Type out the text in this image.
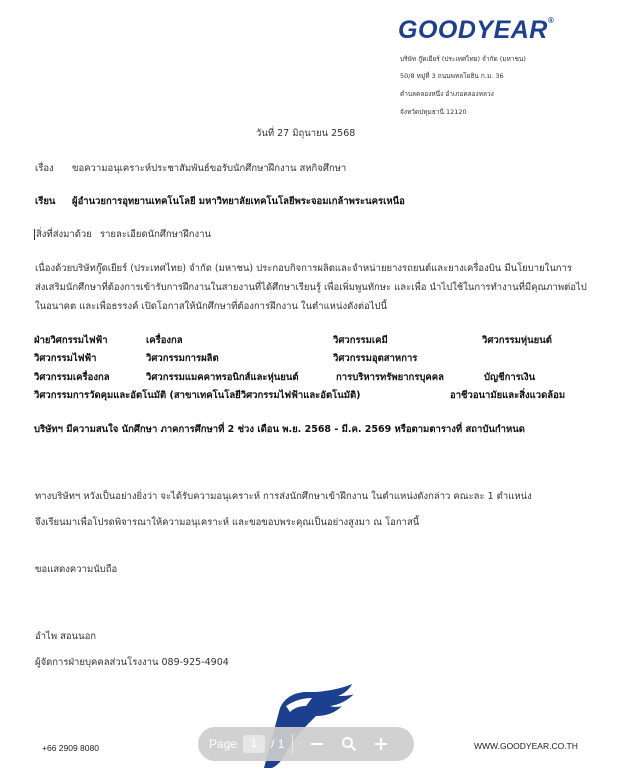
GOODYEAR®
บริษัท กู๊ดเยียร์ (ประเทศไทย) จำกัด (มหาชน)
50/8 หมู่ที่ 3 ถนนพหลโยธิน ก.ม. 36
ตำบลคลองหนึ่ง อำเภอคลองหลวง
จังหวัดปทุมธานี 12120
วันที่ 27 มิถุนายน 2568
เรื่อง ขอความอนุเคราะห์ประชาสัมพันธ์ขอรับนักศึกษาฝึกงาน สหกิจศึกษา
เรียน ผู้อำนวยการอุทยานเทคโนโลยี มหาวิทยาลัยเทคโนโลยีพระจอมเกล้าพระนครเหนือ
สิ่งที่ส่งมาด้วย รายละเอียดนักศึกษาฝึกงาน
เนื่องด้วยบริษัทกู๊ดเยียร์ (ประเทศไทย) จำกัด (มหาชน) ประกอบกิจการผลิตและจำหน่ายยางรถยนต์และยางเครื่องบิน มีนโยบายในการ
ส่งเสริมนักศึกษาที่ต้องการเข้ารับการฝึกงานในสายงานที่ได้ศึกษาเรียนรู้ เพื่อเพิ่มพูนทักษะ และเพื่อ นำไปใช้ในการทำงานที่มีคุณภาพต่อไป
ในอนาคต และเพื่อธรรงค์ เปิดโอกาสให้นักศึกษาที่ต้องการฝึกงาน ในตำแหน่งดังต่อไปนี้
ฝ่ายวิศกรรมไฟฟ้า	เครื่องกล	วิศวกรรมเคมี	วิศวกรรมหุ่นยนต์
วิศวกรรมไฟฟ้า	วิศวกรรมการผลิต	วิศวกรรมอุตสาหการ
วิศวกรรมเครื่องกล	วิศวกรรมแมคคาทรอนิกส์และหุ่นยนต์	การบริหารทรัพยากรบุคคล	บัญชีการเงิน
วิศวกรรมการวัดคุมและอัตโนมัติ (สาขาเทคโนโลยีวิศวกรรมไฟฟ้าและอัตโนมัติ)	อาชีวอนามัยและสิ่งแวดล้อม
บริษัทฯ มีความสนใจ นักศึกษา ภาคการศึกษาที่ 2 ช่วง เดือน พ.ย. 2568 - มี.ค. 2569 หรือตามตารางที่ สถาบันกำหนด
ทางบริษัทฯ หวังเป็นอย่างยิ่งว่า จะได้รับความอนุเคราะห์ การส่งนักศึกษาเข้าฝึกงาน ในตำแหน่งดังกล่าว คณะละ 1 ตำแหน่ง
จึงเรียนมาเพื่อโปรดพิจารณาให้ความอนุเคราะห์ และขอขอบพระคุณเป็นอย่างสูงมา ณ โอกาสนี้
ขอแสดงความนับถือ
อำไพ สอนนอก
ผู้จัดการฝ่ายบุคคลส่วนโรงงาน 089-925-4904
+66 2909 8080	WWW.GOODYEAR.CO.TH
Page	1	/ 1
